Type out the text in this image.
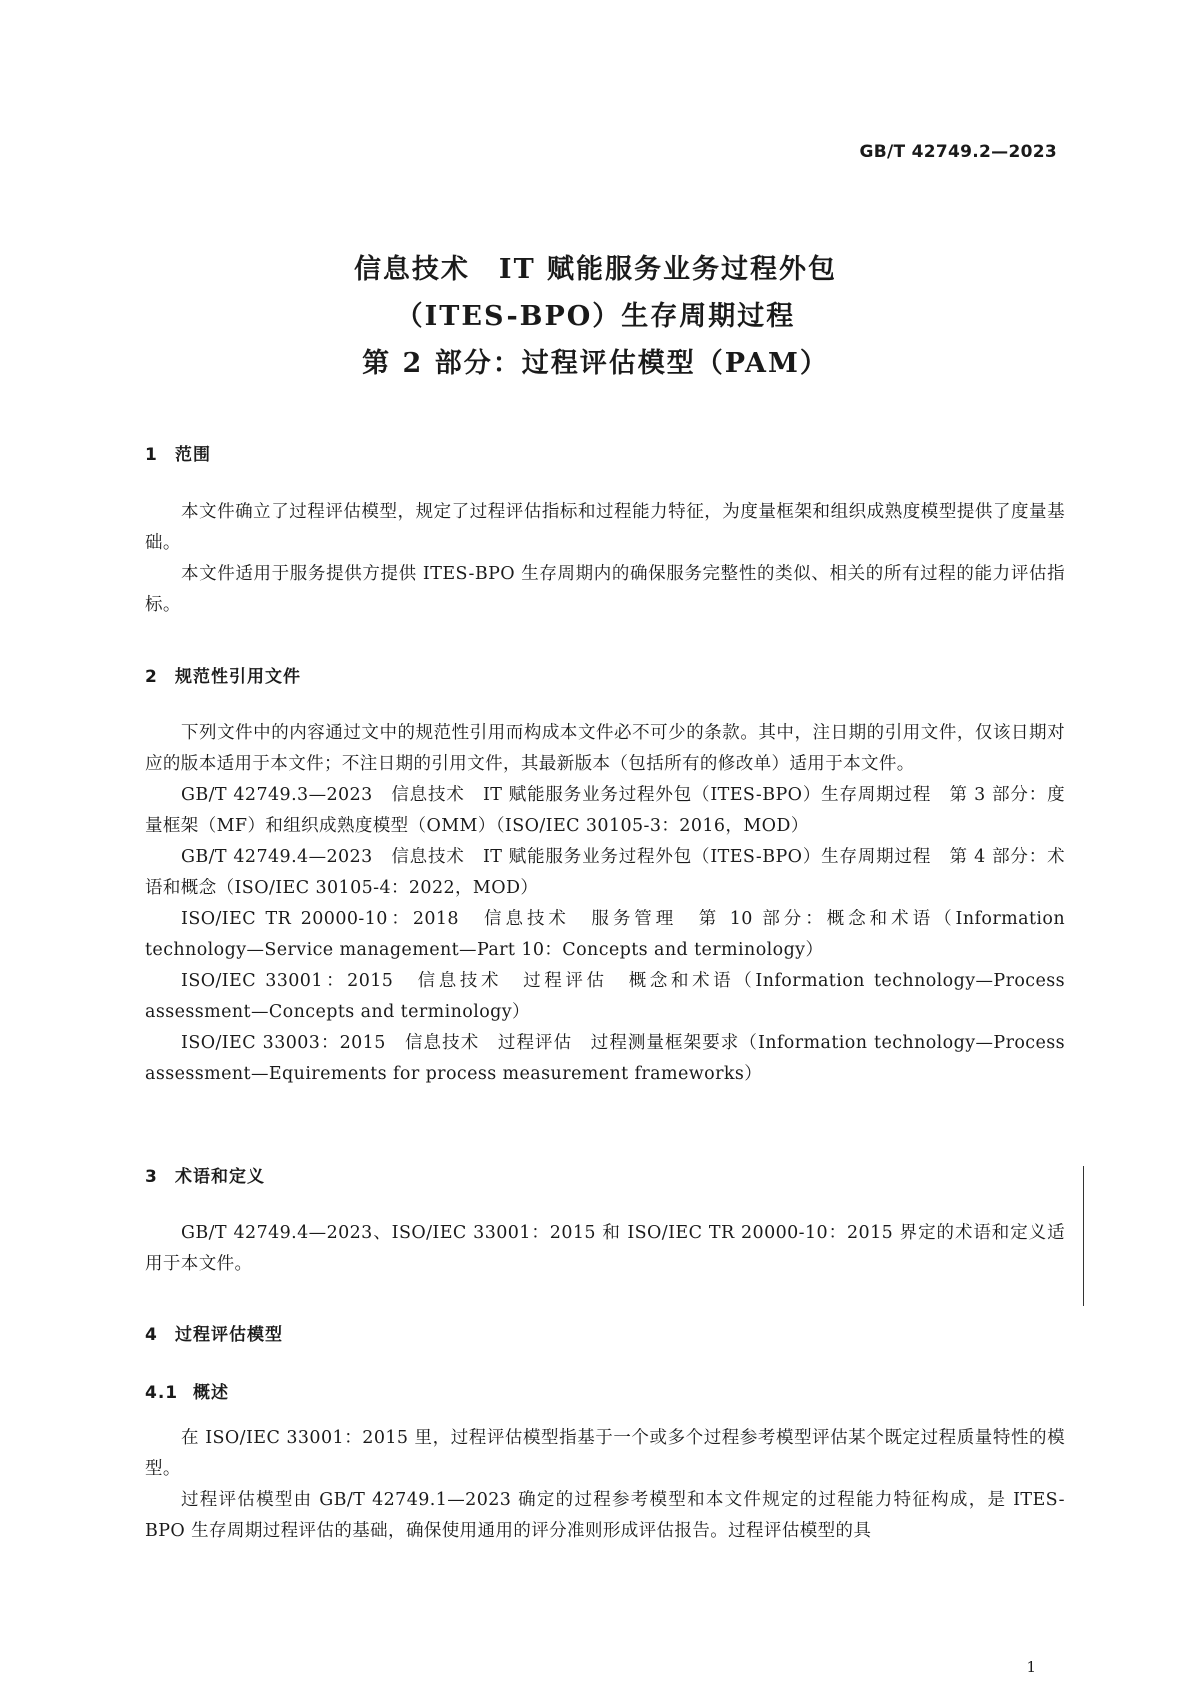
GB/T 42749.2—2023
信息技术　IT 赋能服务业务过程外包
（ITES-BPO）生存周期过程
第 2 部分：过程评估模型（PAM）
1 范围

本文件确立了过程评估模型，规定了过程评估指标和过程能力特征，为度量框架和组织成熟度模型提供了度量基础。

本文件适用于服务提供方提供 ITES-BPO 生存周期内的确保服务完整性的类似、相关的所有过程的能力评估指标。

2 规范性引用文件

下列文件中的内容通过文中的规范性引用而构成本文件必不可少的条款。其中，注日期的引用文件，仅该日期对应的版本适用于本文件；不注日期的引用文件，其最新版本（包括所有的修改单）适用于本文件。

GB/T 42749.3—2023　信息技术　IT 赋能服务业务过程外包（ITES-BPO）生存周期过程　第 3 部分：度量框架（MF）和组织成熟度模型（OMM）（ISO/IEC 30105-3：2016，MOD）

GB/T 42749.4—2023　信息技术　IT 赋能服务业务过程外包（ITES-BPO）生存周期过程　第 4 部分：术语和概念（ISO/IEC 30105-4：2022，MOD）

ISO/IEC TR 20000-10：2018　信息技术　服务管理　第 10 部分：概念和术语（Information technology—Service management—Part 10：Concepts and terminology）

ISO/IEC 33001：2015　信息技术　过程评估　概念和术语（Information technology—Process assessment—Concepts and terminology）

ISO/IEC 33003：2015　信息技术　过程评估　过程测量框架要求（Information technology—Process assessment—Equirements for process measurement frameworks）

3 术语和定义

GB/T 42749.4—2023、ISO/IEC 33001：2015 和 ISO/IEC TR 20000-10：2015 界定的术语和定义适用于本文件。

4 过程评估模型
4.1 概述

在 ISO/IEC 33001：2015 里，过程评估模型指基于一个或多个过程参考模型评估某个既定过程质量特性的模型。

过程评估模型由 GB/T 42749.1—2023 确定的过程参考模型和本文件规定的过程能力特征构成，是 ITES-BPO 生存周期过程评估的基础，确保使用通用的评分准则形成评估报告。过程评估模型的具

1
